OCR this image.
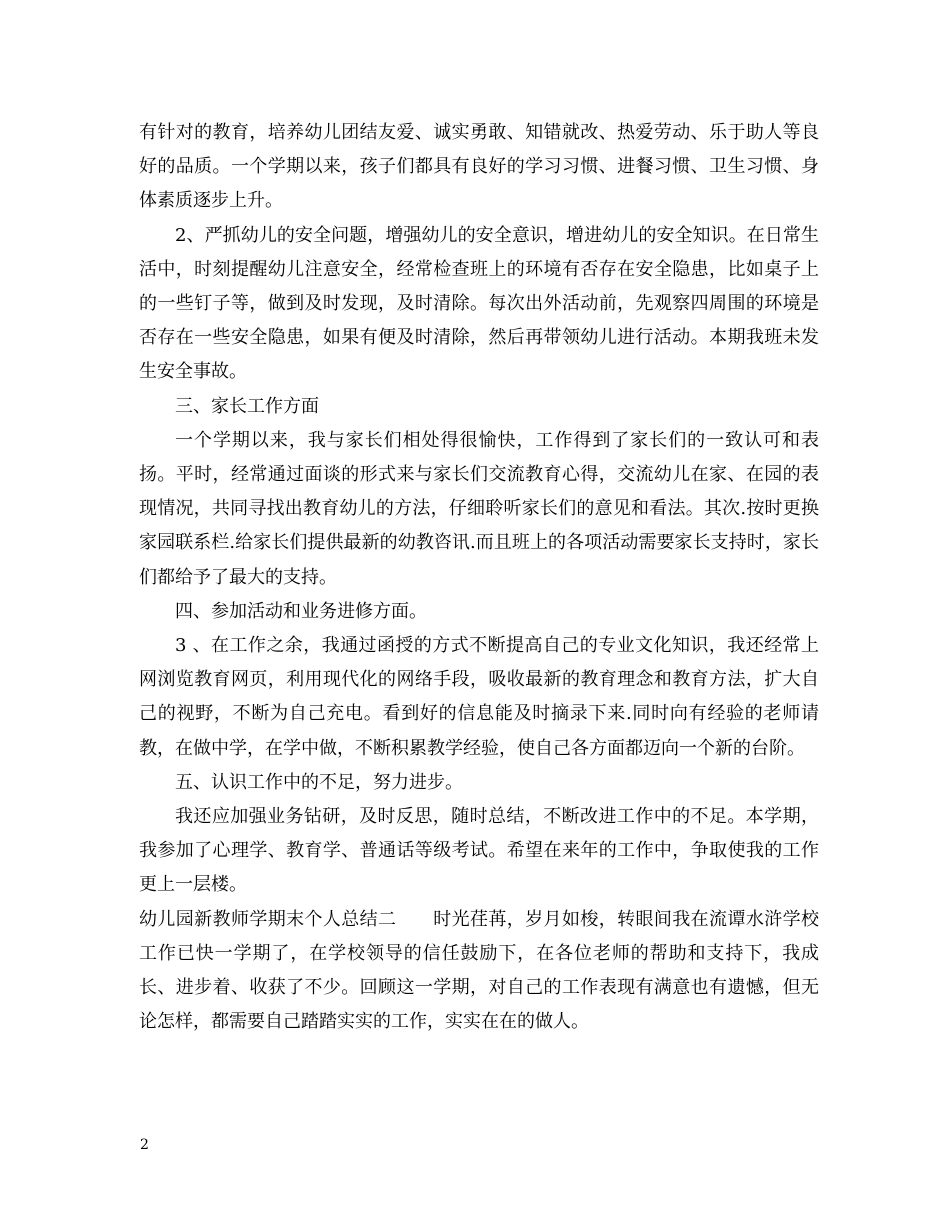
有针对的教育，培养幼儿团结友爱、诚实勇敢、知错就改、热爱劳动、乐于助人等良好的品质。一个学期以来，孩子们都具有良好的学习习惯、进餐习惯、卫生习惯、身体素质逐步上升。

2、严抓幼儿的安全问题，增强幼儿的安全意识，增进幼儿的安全知识。在日常生活中，时刻提醒幼儿注意安全，经常检查班上的环境有否存在安全隐患，比如桌子上的一些钉子等，做到及时发现，及时清除。每次出外活动前，先观察四周围的环境是否存在一些安全隐患，如果有便及时清除，然后再带领幼儿进行活动。本期我班未发生安全事故。

三、家长工作方面

一个学期以来，我与家长们相处得很愉快，工作得到了家长们的一致认可和表扬。平时，经常通过面谈的形式来与家长们交流教育心得，交流幼儿在家、在园的表现情况，共同寻找出教育幼儿的方法，仔细聆听家长们的意见和看法。其次.按时更换家园联系栏.给家长们提供最新的幼教咨讯.而且班上的各项活动需要家长支持时，家长们都给予了最大的支持。

四、参加活动和业务进修方面。

3 、在工作之余，我通过函授的方式不断提高自己的专业文化知识，我还经常上网浏览教育网页，利用现代化的网络手段，吸收最新的教育理念和教育方法，扩大自己的视野，不断为自己充电。看到好的信息能及时摘录下来.同时向有经验的老师请教，在做中学，在学中做，不断积累教学经验，使自己各方面都迈向一个新的台阶。

五、认识工作中的不足，努力进步。

我还应加强业务钻研，及时反思，随时总结，不断改进工作中的不足。本学期，我参加了心理学、教育学、普通话等级考试。希望在来年的工作中，争取使我的工作更上一层楼。

幼儿园新教师学期末个人总结二　　时光荏苒，岁月如梭，转眼间我在流谭水浒学校工作已快一学期了，在学校领导的信任鼓励下，在各位老师的帮助和支持下，我成长、进步着、收获了不少。回顾这一学期，对自己的工作表现有满意也有遗憾，但无论怎样，都需要自己踏踏实实的工作，实实在在的做人。

2
